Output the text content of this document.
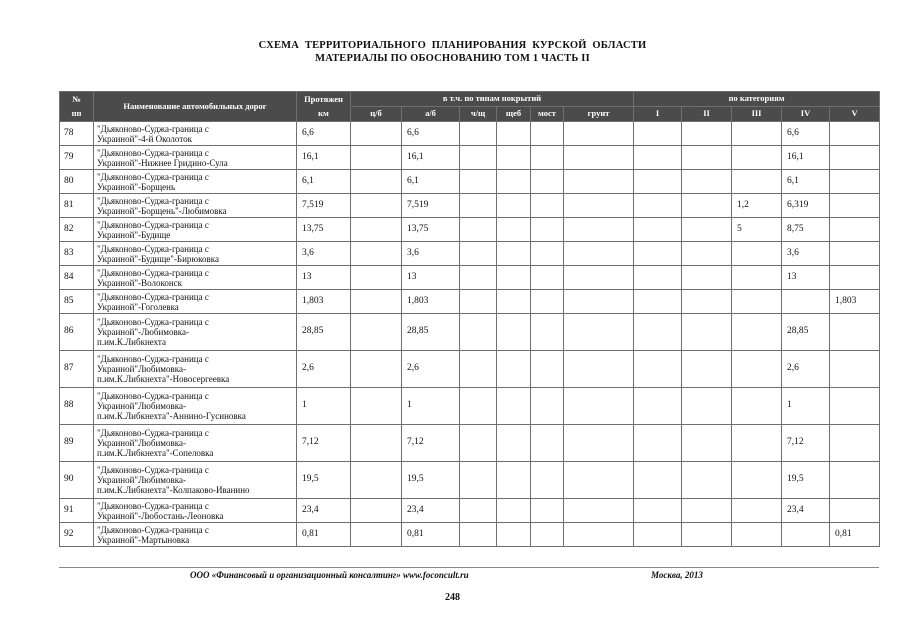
СХЕМА ТЕРРИТОРИАЛЬНОГО ПЛАНИРОВАНИЯ КУРСКОЙ ОБЛАСТИ
МАТЕРИАЛЫ ПО ОБОСНОВАНИЮ ТОМ 1 ЧАСТЬ II
№	Наименование автомобильных дорог	Протяжен	в т.ч. по типам покрытий						по категориям				
пп		км	ц/б	а/б	ч/щ	щеб	мост	грунт	I	II	III	IV	V
78	"Дьяконово-Суджа-граница с
Украиной"-4-й Околоток	6,6		6,6								6,6	
79	"Дьяконово-Суджа-граница с
Украиной"-Нижнее Гридино-Сула	16,1		16,1								16,1	
80	"Дьяконово-Суджа-граница с
Украиной"-Борщень	6,1		6,1								6,1	
81	"Дьяконово-Суджа-граница с
Украиной"-Борщень"-Любимовка	7,519		7,519							1,2	6,319	
82	"Дьяконово-Суджа-граница с
Украиной"-Будище	13,75		13,75							5	8,75	
83	"Дьяконово-Суджа-граница с
Украиной"-Будище"-Бирюковка	3,6		3,6								3,6	
84	"Дьяконово-Суджа-граница с
Украиной"-Волоконск	13		13								13	
85	"Дьяконово-Суджа-граница с
Украиной"-Гоголевка	1,803		1,803									1,803
86	"Дьяконово-Суджа-граница с
Украиной"-Любимовка-
п.им.К.Либкнехта	28,85		28,85								28,85	
87	"Дьяконово-Суджа-граница с
Украиной"Любимовка-
п.им.К.Либкнехта"-Новосергеевка	2,6		2,6								2,6	
88	"Дьяконово-Суджа-граница с
Украиной"Любимовка-
п.им.К.Либкнехта"-Аннино-Гусиновка	1		1								1	
89	"Дьяконово-Суджа-граница с
Украиной"Любимовка-
п.им.К.Либкнехта"-Сопеловка	7,12		7,12								7,12	
90	"Дьяконово-Суджа-граница с
Украиной"Любимовка-
п.им.К.Либкнехта"-Колпаково-Иванино	19,5		19,5								19,5	
91	"Дьяконово-Суджа-граница с
Украиной"-Любостань-Леоновка	23,4		23,4								23,4	
92	"Дьяконово-Суджа-граница с
Украиной"-Мартыновка	0,81		0,81									0,81
ООО «Финансовый и организационный консалтинг» www.foconcult.ru	Москва, 2013
248
